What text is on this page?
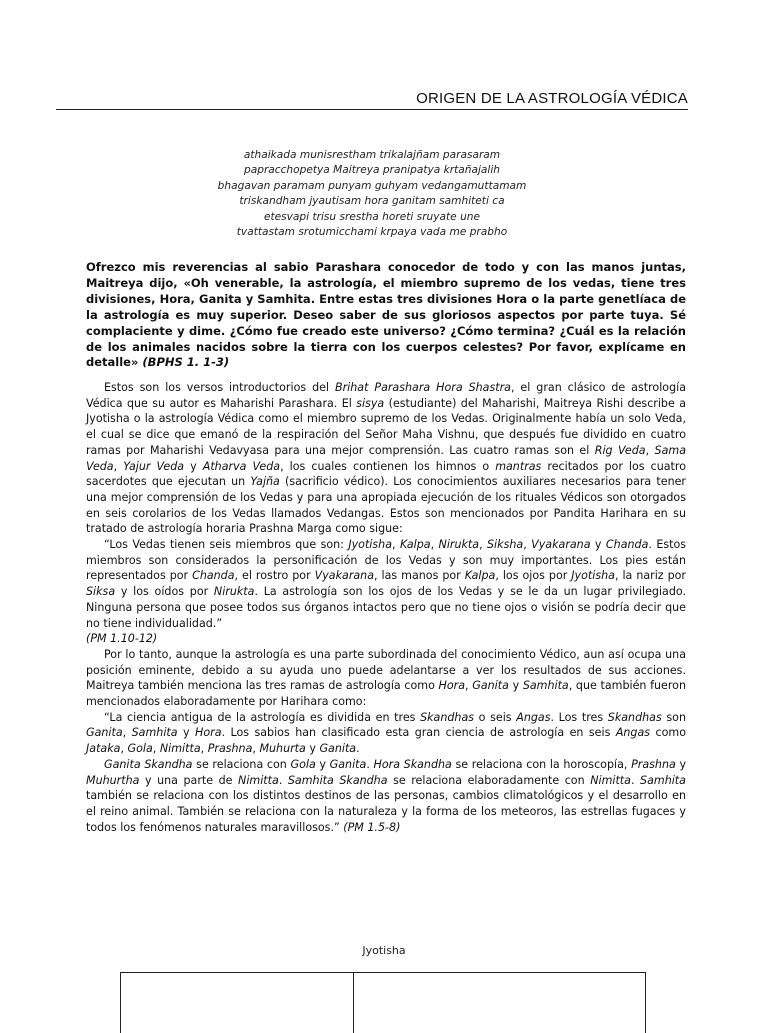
ORIGEN DE LA ASTROLOGÍA VÉDICA
athaikada munisrestham trikalajñam parasaram
papracchopetya Maitreya pranipatya krtañajalih
bhagavan paramam punyam guhyam vedangamuttamam
triskandham jyautisam hora ganitam samhiteti ca
etesvapi trisu srestha horeti sruyate une
tvattastam srotumicchami krpaya vada me prabho
Ofrezco mis reverencias al sabio Parashara conocedor de todo y con las manos juntas, Maitreya dijo, «Oh venerable, la astrología, el miembro supremo de los vedas, tiene tres divisiones, Hora, Ganita y Samhita. Entre estas tres divisiones Hora o la parte genetlíaca de la astrología es muy superior. Deseo saber de sus gloriosos aspectos por parte tuya. Sé complaciente y dime. ¿Cómo fue creado este universo? ¿Cómo termina? ¿Cuál es la relación de los animales nacidos sobre la tierra con los cuerpos celestes? Por favor, explícame en detalle» (BPHS 1. 1-3)

Estos son los versos introductorios del Brihat Parashara Hora Shastra, el gran clásico de astrología Védica que su autor es Maharishi Parashara. El sisya (estudiante) del Maharishi, Maitreya Rishi describe a Jyotisha o la astrología Védica como el miembro supremo de los Vedas. Originalmente había un solo Veda, el cual se dice que emanó de la respiración del Señor Maha Vishnu, que después fue dividido en cuatro ramas por Maharishi Vedavyasa para una mejor comprensión. Las cuatro ramas son el Rig Veda, Sama Veda, Yajur Veda y Atharva Veda, los cuales contienen los himnos o mantras recitados por los cuatro sacerdotes que ejecutan un Yajña (sacrificio védico). Los conocimientos auxiliares necesarios para tener una mejor comprensión de los Vedas y para una apropiada ejecución de los rituales Védicos son otorgados en seis corolarios de los Vedas llamados Vedangas. Estos son mencionados por Pandita Harihara en su tratado de astrología horaria Prashna Marga como sigue:

“Los Vedas tienen seis miembros que son: Jyotisha, Kalpa, Nirukta, Siksha, Vyakarana y Chanda. Estos miembros son considerados la personificación de los Vedas y son muy importantes. Los pies están representados por Chanda, el rostro por Vyakarana, las manos por Kalpa, los ojos por Jyotisha, la nariz por Siksa y los oídos por Nirukta. La astrología son los ojos de los Vedas y se le da un lugar privilegiado. Ninguna persona que posee todos sus órganos intactos pero que no tiene ojos o visión se podría decir que no tiene individualidad.”

(PM 1.10-12)

Por lo tanto, aunque la astrología es una parte subordinada del conocimiento Védico, aun así ocupa una posición eminente, debido a su ayuda uno puede adelantarse a ver los resultados de sus acciones. Maitreya también menciona las tres ramas de astrología como Hora, Ganita y Samhita, que también fueron mencionados elaboradamente por Harihara como:

“La ciencia antigua de la astrología es dividida en tres Skandhas o seis Angas. Los tres Skandhas son Ganita, Samhita y Hora. Los sabios han clasificado esta gran ciencia de astrología en seis Angas como Jataka, Gola, Nimitta, Prashna, Muhurta y Ganita.

Ganita Skandha se relaciona con Gola y Ganita. Hora Skandha se relaciona con la horoscopía, Prashna y Muhurtha y una parte de Nimitta. Samhita Skandha se relaciona elaboradamente con Nimitta. Samhita también se relaciona con los distintos destinos de las personas, cambios climatológicos y el desarrollo en el reino animal. También se relaciona con la naturaleza y la forma de los meteoros, las estrellas fugaces y todos los fenómenos naturales maravillosos.” (PM 1.5-8)

Jyotisha
